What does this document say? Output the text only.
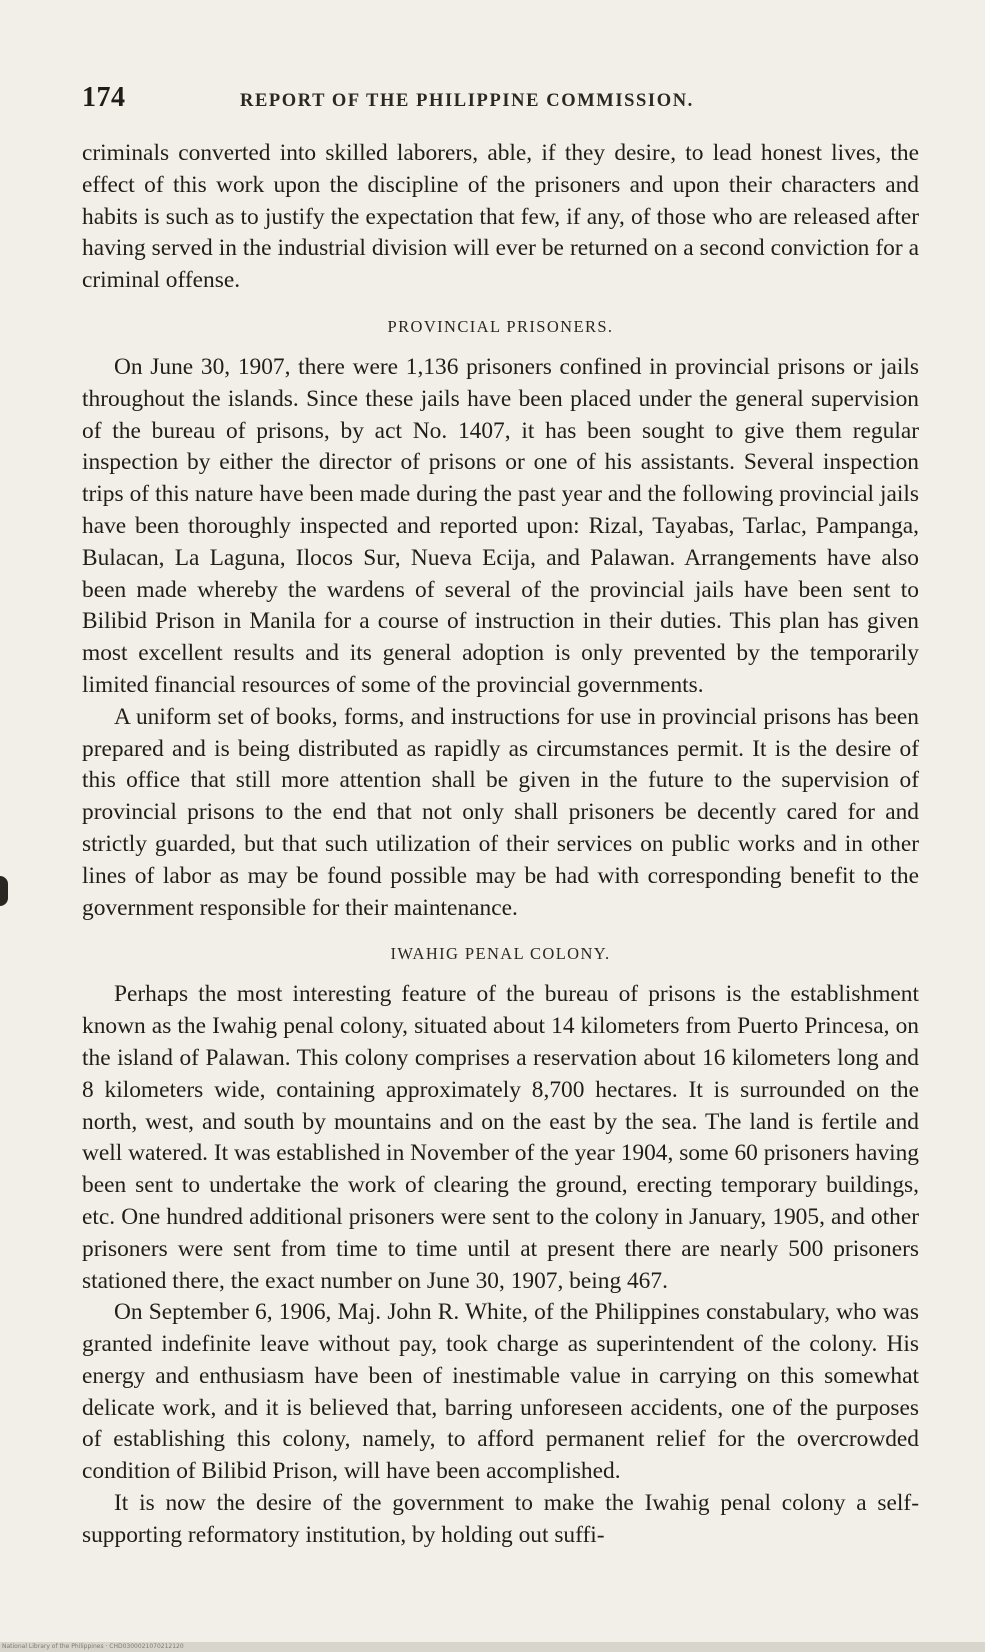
174	REPORT OF THE PHILIPPINE COMMISSION.

criminals converted into skilled laborers, able, if they desire, to lead honest lives, the effect of this work upon the discipline of the prisoners and upon their characters and habits is such as to justify the expectation that few, if any, of those who are released after having served in the industrial division will ever be returned on a second conviction for a criminal offense.

PROVINCIAL PRISONERS.

On June 30, 1907, there were 1,136 prisoners confined in provincial prisons or jails throughout the islands. Since these jails have been placed under the general supervision of the bureau of prisons, by act No. 1407, it has been sought to give them regular inspection by either the director of prisons or one of his assistants. Several inspection trips of this nature have been made during the past year and the following provincial jails have been thoroughly inspected and reported upon: Rizal, Tayabas, Tarlac, Pampanga, Bulacan, La Laguna, Ilocos Sur, Nueva Ecija, and Palawan. Arrangements have also been made whereby the wardens of several of the provincial jails have been sent to Bilibid Prison in Manila for a course of instruction in their duties. This plan has given most excellent results and its general adoption is only prevented by the temporarily limited financial resources of some of the provincial governments.

A uniform set of books, forms, and instructions for use in provincial prisons has been prepared and is being distributed as rapidly as circumstances permit. It is the desire of this office that still more attention shall be given in the future to the supervision of provincial prisons to the end that not only shall prisoners be decently cared for and strictly guarded, but that such utilization of their services on public works and in other lines of labor as may be found possible may be had with corresponding benefit to the government responsible for their maintenance.

IWAHIG PENAL COLONY.

Perhaps the most interesting feature of the bureau of prisons is the establishment known as the Iwahig penal colony, situated about 14 kilometers from Puerto Princesa, on the island of Palawan. This colony comprises a reservation about 16 kilometers long and 8 kilometers wide, containing approximately 8,700 hectares. It is surrounded on the north, west, and south by mountains and on the east by the sea. The land is fertile and well watered. It was established in November of the year 1904, some 60 prisoners having been sent to undertake the work of clearing the ground, erecting temporary buildings, etc. One hundred additional prisoners were sent to the colony in January, 1905, and other prisoners were sent from time to time until at present there are nearly 500 prisoners stationed there, the exact number on June 30, 1907, being 467.

On September 6, 1906, Maj. John R. White, of the Philippines constabulary, who was granted indefinite leave without pay, took charge as superintendent of the colony. His energy and enthusiasm have been of inestimable value in carrying on this somewhat delicate work, and it is believed that, barring unforeseen accidents, one of the purposes of establishing this colony, namely, to afford permanent relief for the overcrowded condition of Bilibid Prison, will have been accomplished.

It is now the desire of the government to make the Iwahig penal colony a self-supporting reformatory institution, by holding out suffi-

National Library of the Philippines · CHD0300021070212120
